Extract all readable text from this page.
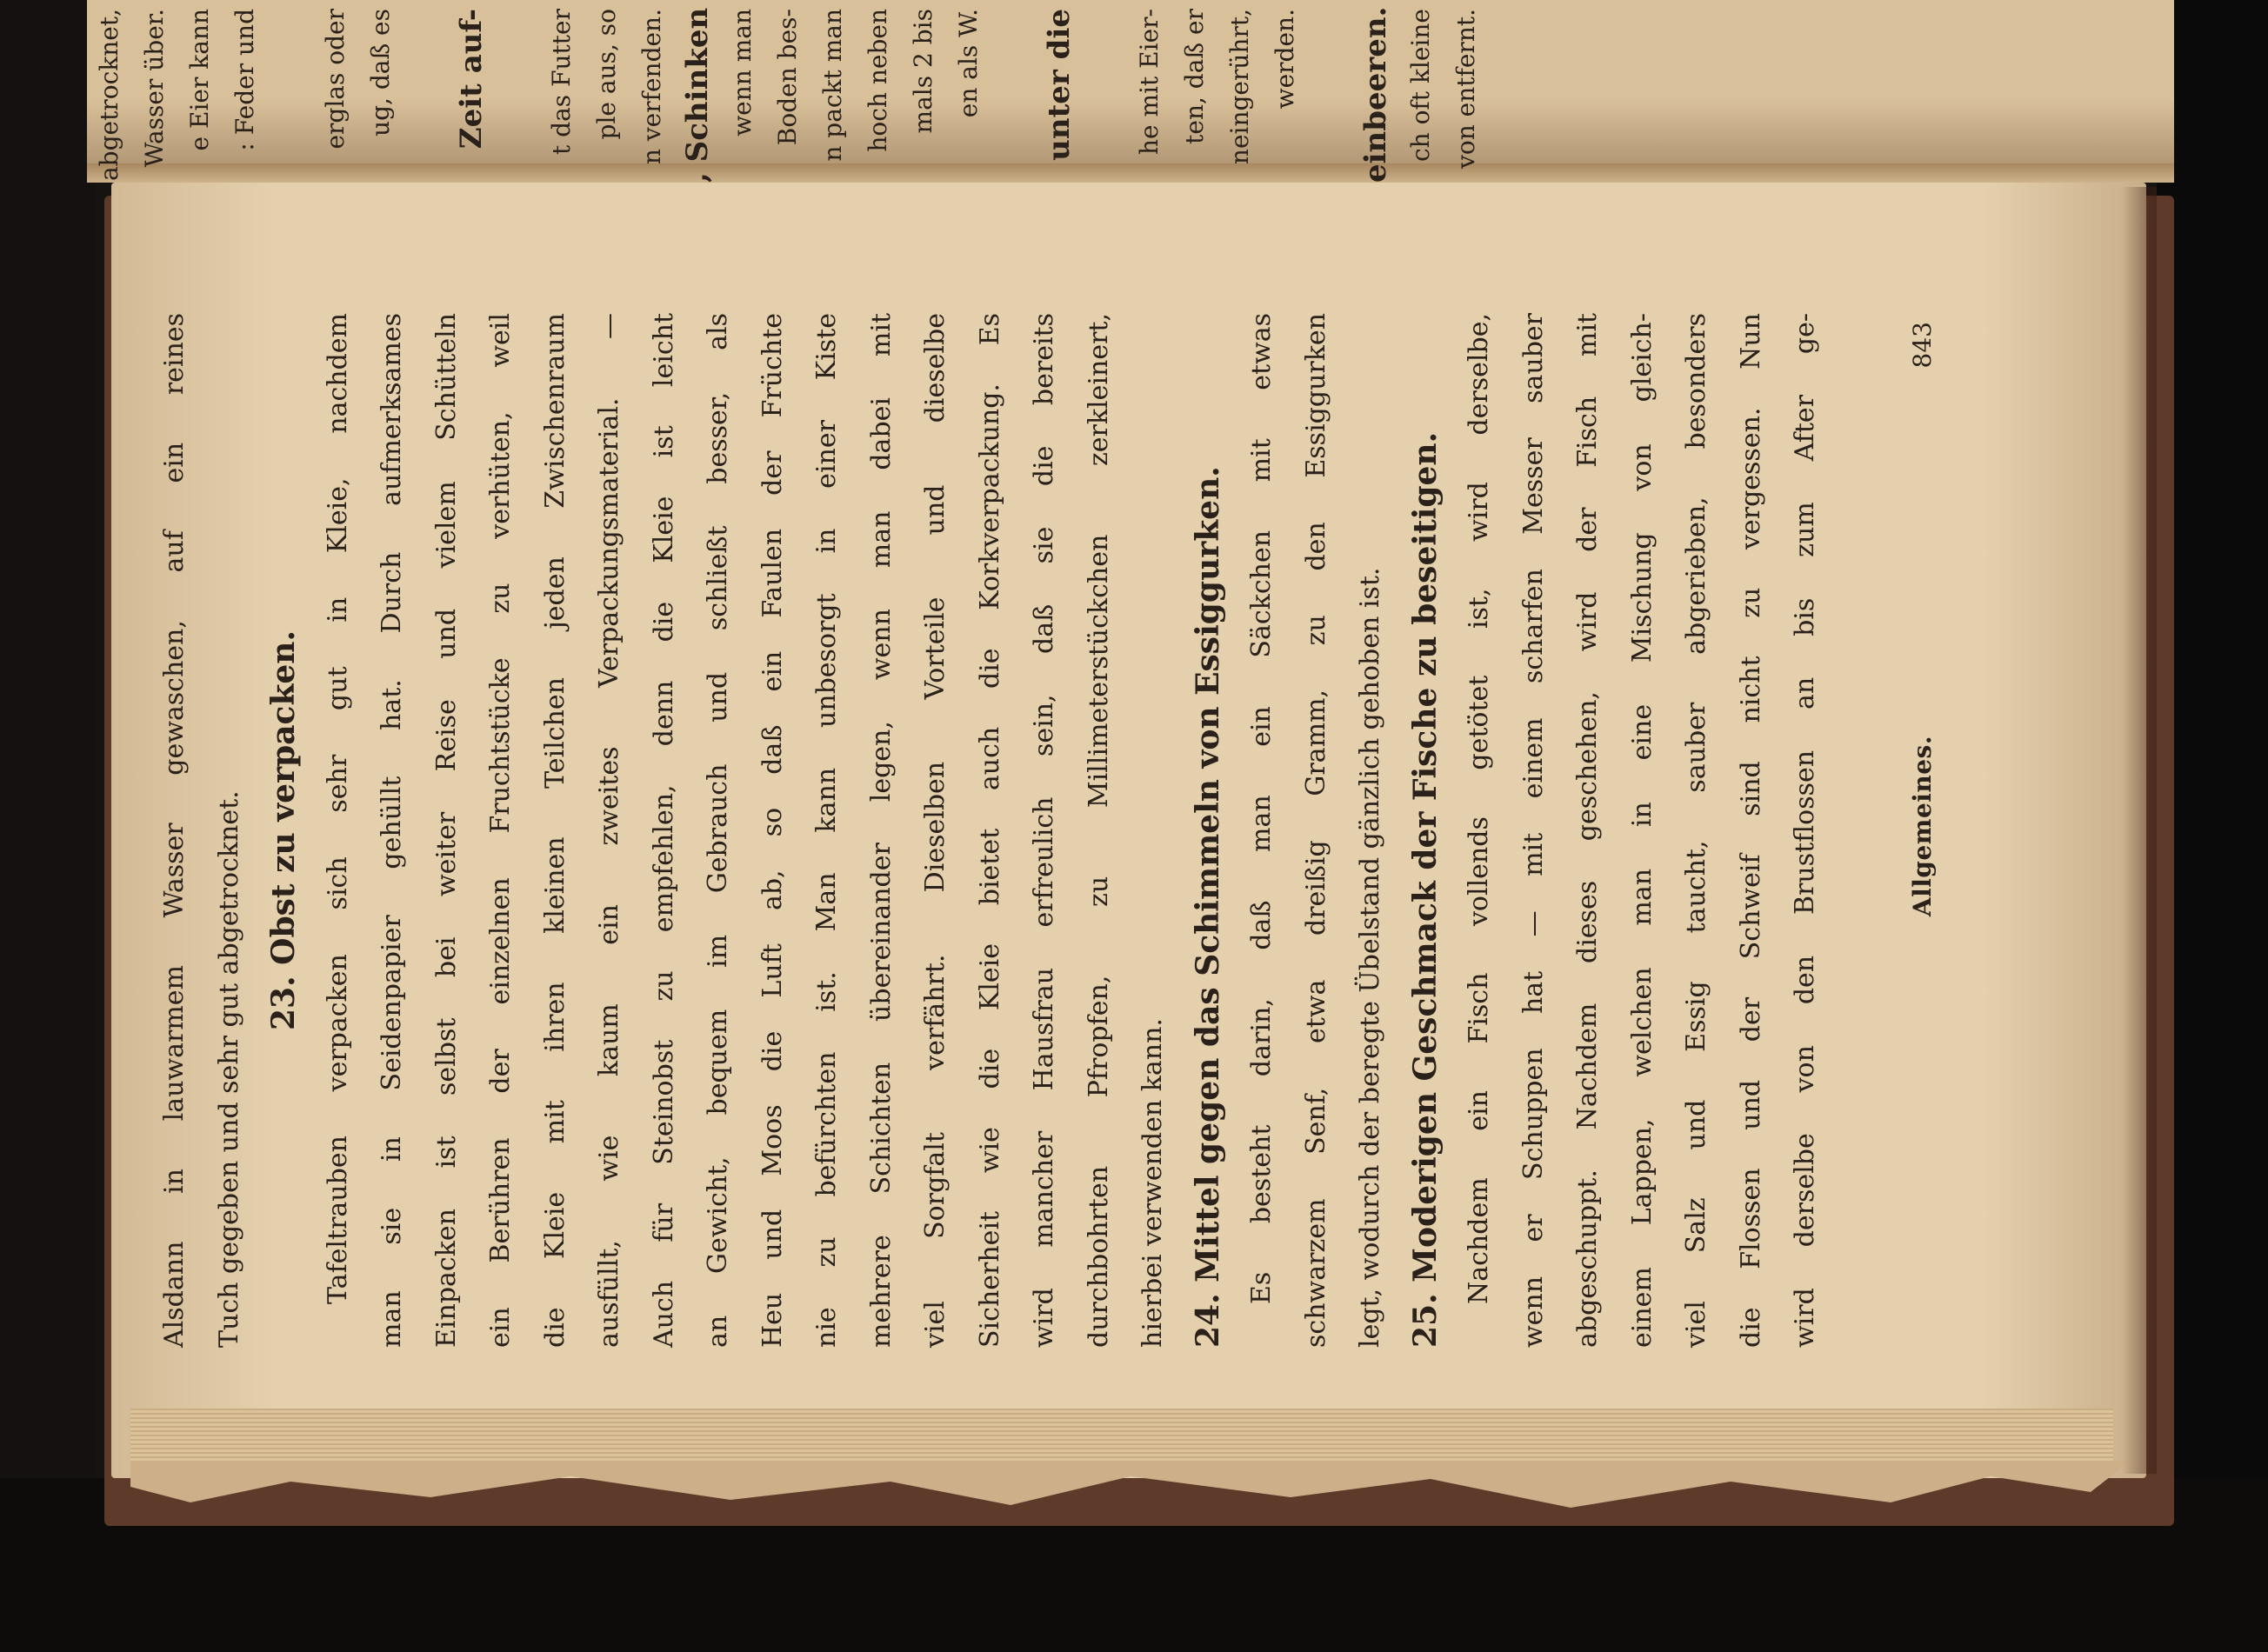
abgetrocknet, Wasser über. e Eier kann : Feder und	erglas oder ug, daß es Zeit auf-	t das Futter ple aus, so n verfenden. , Schinken wenn man Boden bes- n packt man hoch neben mals 2 bis en als W. unter die	he mit Eier- ten, daß er neingerührt, werden. einbeeren. ch oft kleine von entfernt.
Alsdann in lauwarmem Wasser gewaschen, auf ein reines Tuch gegeben und sehr gut abgetrocknet. 23. Obst zu verpacken. Tafeltrauben verpacken sich sehr gut in Kleie, nachdem man sie in Seidenpapier gehüllt hat. Durch aufmerksames Einpacken ist selbst bei weiter Reise und vielem Schütteln ein Berühren der einzelnen Fruchtstücke zu verhüten, weil die Kleie mit ihren kleinen Teilchen jeden Zwischenraum ausfüllt, wie kaum ein zweites Verpackungsmaterial. — Auch für Steinobst zu empfehlen, denn die Kleie ist leicht an Gewicht, bequem im Gebrauch und schließt besser, als Heu und Moos die Luft ab, so daß ein Faulen der Früchte nie zu befürchten ist. Man kann unbesorgt in einer Kiste mehrere Schichten übereinander legen, wenn man dabei mit viel Sorgfalt verfährt. Dieselben Vorteile und dieselbe Sicherheit wie die Kleie bietet auch die Korkverpackung. Es wird mancher Hausfrau erfreulich sein, daß sie die bereits durchbohrten Pfropfen, zu Millimeterstückchen zerkleinert, hierbei verwenden kann. 24. Mittel gegen das Schimmeln von Essiggurken. Es besteht darin, daß man ein Säckchen mit etwas schwarzem Senf, etwa dreißig Gramm, zu den Essiggurken legt, wodurch der beregte Übelstand gänzlich gehoben ist. 25. Moderigen Geschmack der Fische zu beseitigen. Nachdem ein Fisch vollends getötet ist, wird derselbe, wenn er Schuppen hat — mit einem scharfen Messer sauber abgeschuppt. Nachdem dieses geschehen, wird der Fisch mit einem Lappen, welchen man in eine Mischung von gleich- viel Salz und Essig taucht, sauber abgerieben, besonders die Flossen und der Schweif sind nicht zu vergessen. Nun wird derselbe von den Brustflossen an bis zum After ge-	Allgemeines.
843
